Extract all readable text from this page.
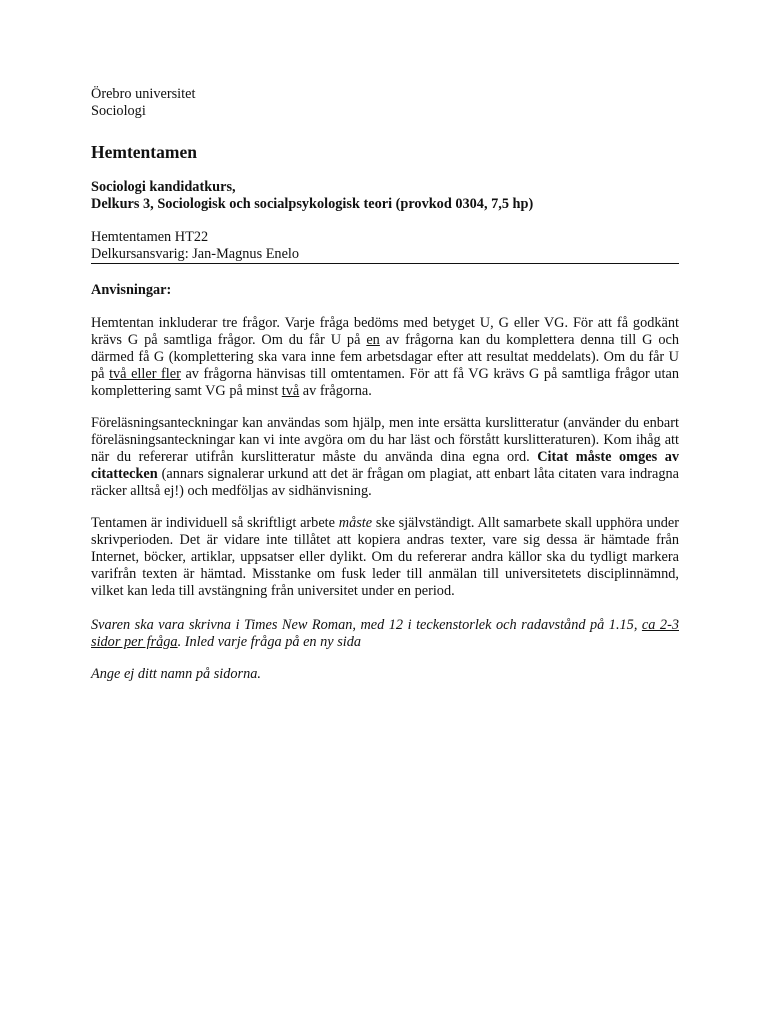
Örebro universitet

Sociologi

Hemtentamen

Sociologi kandidatkurs,

Delkurs 3, Sociologisk och socialpsykologisk teori (provkod 0304, 7,5 hp)

Hemtentamen HT22

Delkursansvarig: Jan-Magnus Enelo

Anvisningar:

Hemtentan inkluderar tre frågor. Varje fråga bedöms med betyget U, G eller VG. För att få godkänt krävs G på samtliga frågor. Om du får U på en av frågorna kan du komplettera denna till G och därmed få G (komplettering ska vara inne fem arbetsdagar efter att resultat meddelats). Om du får U på två eller fler av frågorna hänvisas till omtentamen. För att få VG krävs G på samtliga frågor utan komplettering samt VG på minst två av frågorna.

Föreläsningsanteckningar kan användas som hjälp, men inte ersätta kurslitteratur (använder du enbart föreläsningsanteckningar kan vi inte avgöra om du har läst och förstått kurslitteraturen). Kom ihåg att när du refererar utifrån kurslitteratur måste du använda dina egna ord. Citat måste omges av citattecken (annars signalerar urkund att det är frågan om plagiat, att enbart låta citaten vara indragna räcker alltså ej!) och medföljas av sidhänvisning.

Tentamen är individuell så skriftligt arbete måste ske självständigt. Allt samarbete skall upphöra under skrivperioden. Det är vidare inte tillåtet att kopiera andras texter, vare sig dessa är hämtade från Internet, böcker, artiklar, uppsatser eller dylikt. Om du refererar andra källor ska du tydligt markera varifrån texten är hämtad. Misstanke om fusk leder till anmälan till universitetets disciplinnämnd, vilket kan leda till avstängning från universitet under en period.

Svaren ska vara skrivna i Times New Roman, med 12 i teckenstorlek och radavstånd på 1.15, ca 2-3 sidor per fråga. Inled varje fråga på en ny sida

Ange ej ditt namn på sidorna.
